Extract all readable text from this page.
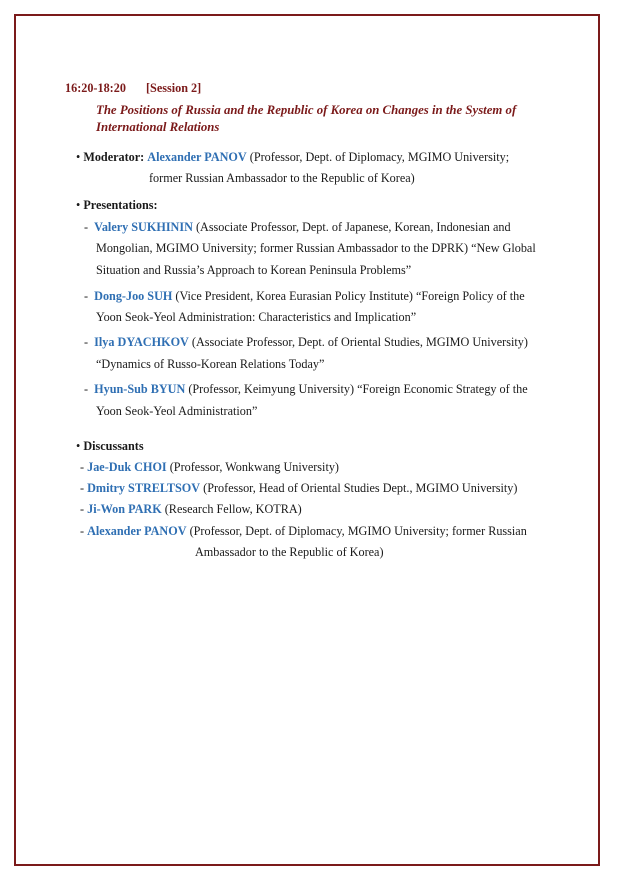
16:20-18:20 [Session 2]
The Positions of Russia and the Republic of Korea on Changes in the System of
International Relations
• Moderator: Alexander PANOV (Professor, Dept. of Diplomacy, MGIMO University;
former Russian Ambassador to the Republic of Korea)
• Presentations:
- Valery SUKHININ (Associate Professor, Dept. of Japanese, Korean, Indonesian and
Mongolian, MGIMO University; former Russian Ambassador to the DPRK) “New Global
Situation and Russia’s Approach to Korean Peninsula Problems”
- Dong-Joo SUH (Vice President, Korea Eurasian Policy Institute) “Foreign Policy of the
Yoon Seok-Yeol Administration: Characteristics and Implication”
- Ilya DYACHKOV (Associate Professor, Dept. of Oriental Studies, MGIMO University)
“Dynamics of Russo-Korean Relations Today”
- Hyun-Sub BYUN (Professor, Keimyung University) “Foreign Economic Strategy of the
Yoon Seok-Yeol Administration”
• Discussants
- Jae-Duk CHOI (Professor, Wonkwang University)
- Dmitry STRELTSOV (Professor, Head of Oriental Studies Dept., MGIMO University)
- Ji-Won PARK (Research Fellow, KOTRA)
- Alexander PANOV (Professor, Dept. of Diplomacy, MGIMO University; former Russian
Ambassador to the Republic of Korea)
